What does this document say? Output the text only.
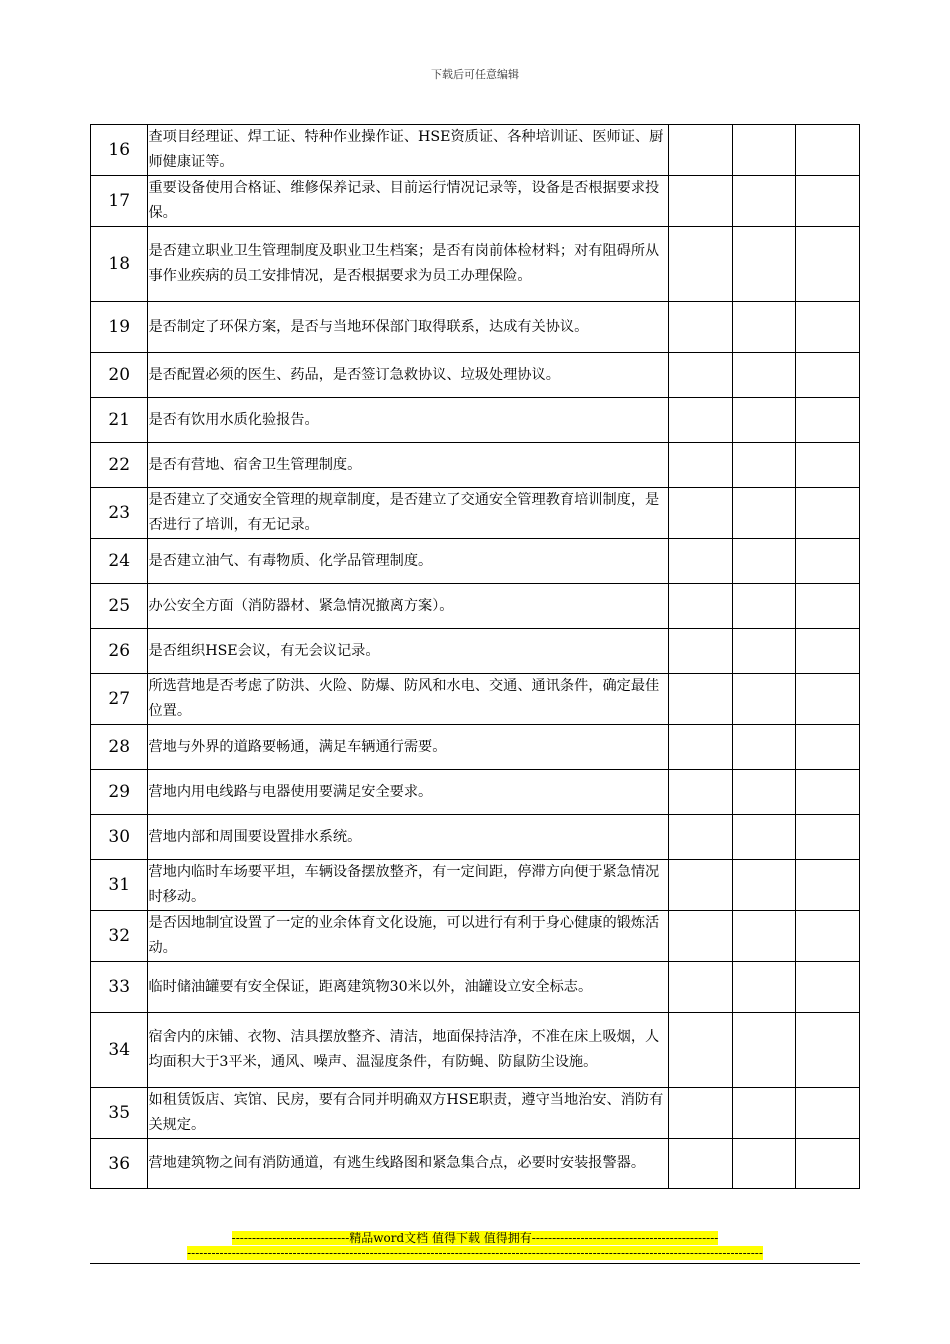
下载后可任意编辑
16	查项目经理证、焊工证、特种作业操作证、HSE资质证、各种培训证、医师证、厨师健康证等。			
17	重要设备使用合格证、维修保养记录、目前运行情况记录等，设备是否根据要求投保。			
18	是否建立职业卫生管理制度及职业卫生档案；是否有岗前体检材料；对有阻碍所从事作业疾病的员工安排情况，是否根据要求为员工办理保险。			
19	是否制定了环保方案，是否与当地环保部门取得联系，达成有关协议。			
20	是否配置必须的医生、药品，是否签订急救协议、垃圾处理协议。			
21	是否有饮用水质化验报告。			
22	是否有营地、宿舍卫生管理制度。			
23	是否建立了交通安全管理的规章制度，是否建立了交通安全管理教育培训制度，是否进行了培训，有无记录。			
24	是否建立油气、有毒物质、化学品管理制度。			
25	办公安全方面（消防器材、紧急情况撤离方案）。			
26	是否组织HSE会议，有无会议记录。			
27	所选营地是否考虑了防洪、火险、防爆、防风和水电、交通、通讯条件，确定最佳位置。			
28	营地与外界的道路要畅通，满足车辆通行需要。			
29	营地内用电线路与电器使用要满足安全要求。			
30	营地内部和周围要设置排水系统。			
31	营地内临时车场要平坦，车辆设备摆放整齐，有一定间距，停滞方向便于紧急情况时移动。			
32	是否因地制宜设置了一定的业余体育文化设施，可以进行有利于身心健康的锻炼活动。			
33	临时储油罐要有安全保证，距离建筑物30米以外，油罐设立安全标志。			
34	宿舍内的床铺、衣物、洁具摆放整齐、清洁，地面保持洁净，不准在床上吸烟，人均面积大于3平米，通风、噪声、温湿度条件，有防蝇、防鼠防尘设施。			
35	如租赁饭店、宾馆、民房，要有合同并明确双方HSE职责，遵守当地治安、消防有关规定。			
36	营地建筑物之间有消防通道，有逃生线路图和紧急集合点，必要时安装报警器。			
-----------------------------精品word文档 值得下载 值得拥有----------------------------------------------
----------------------------------------------------------------------------------------------------------------------------------------------
